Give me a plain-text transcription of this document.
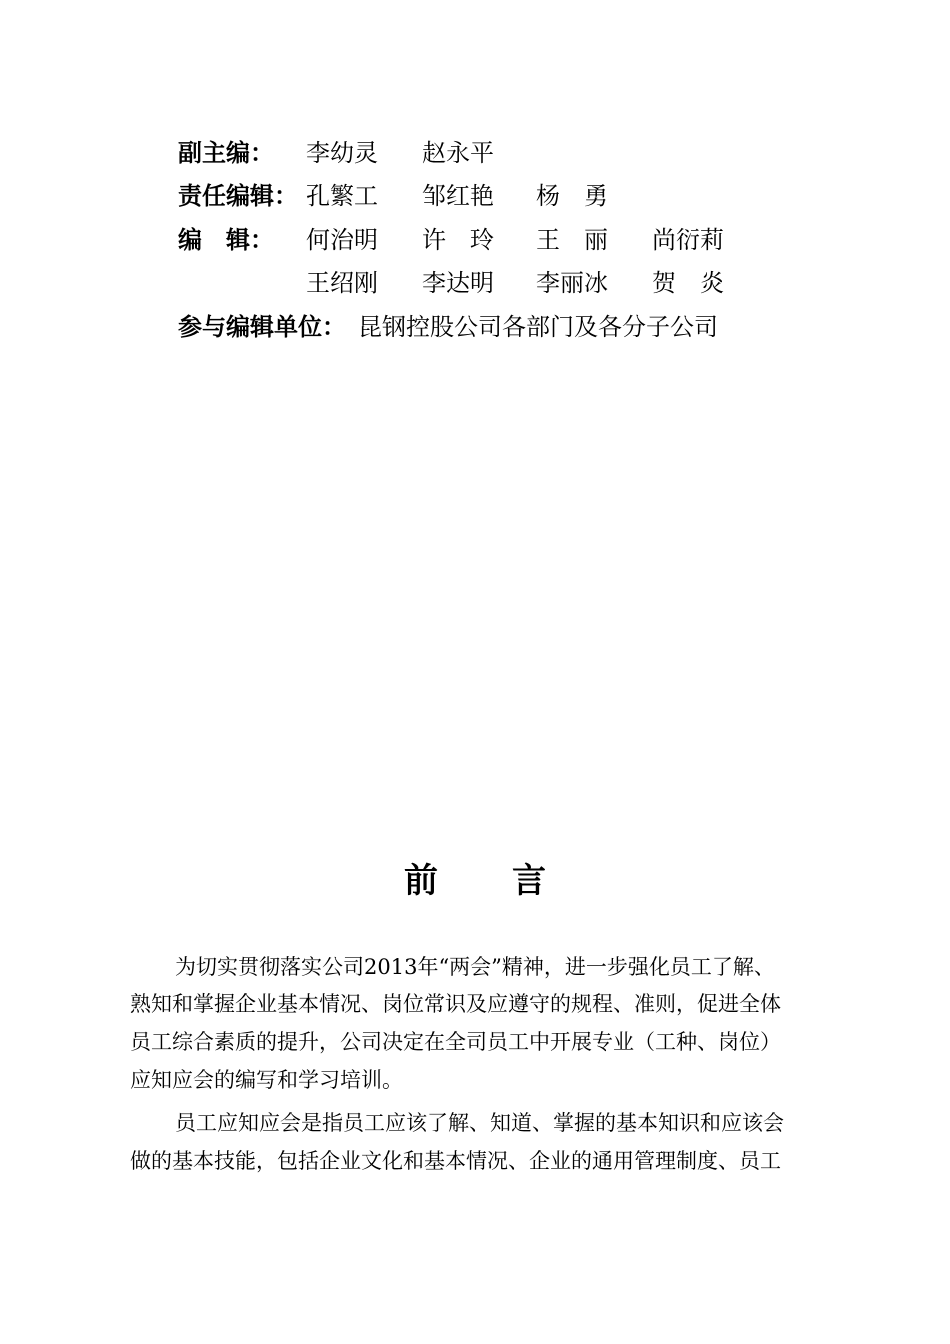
副主编： 李幼灵 赵永平
责任编辑： 孔繁工 邹红艳 杨　勇
编　辑： 何治明 许　玲 王　丽 尚衍莉
王绍刚 李达明 李丽冰 贺　炎
参与编辑单位： 昆钢控股公司各部门及各分子公司
前 言
为切实贯彻落实公司2013年“两会”精神，进一步强化员工了解、
熟知和掌握企业基本情况、岗位常识及应遵守的规程、准则，促进全体
员工综合素质的提升，公司决定在全司员工中开展专业（工种、岗位）
应知应会的编写和学习培训。
员工应知应会是指员工应该了解、知道、掌握的基本知识和应该会
做的基本技能，包括企业文化和基本情况、企业的通用管理制度、员工
